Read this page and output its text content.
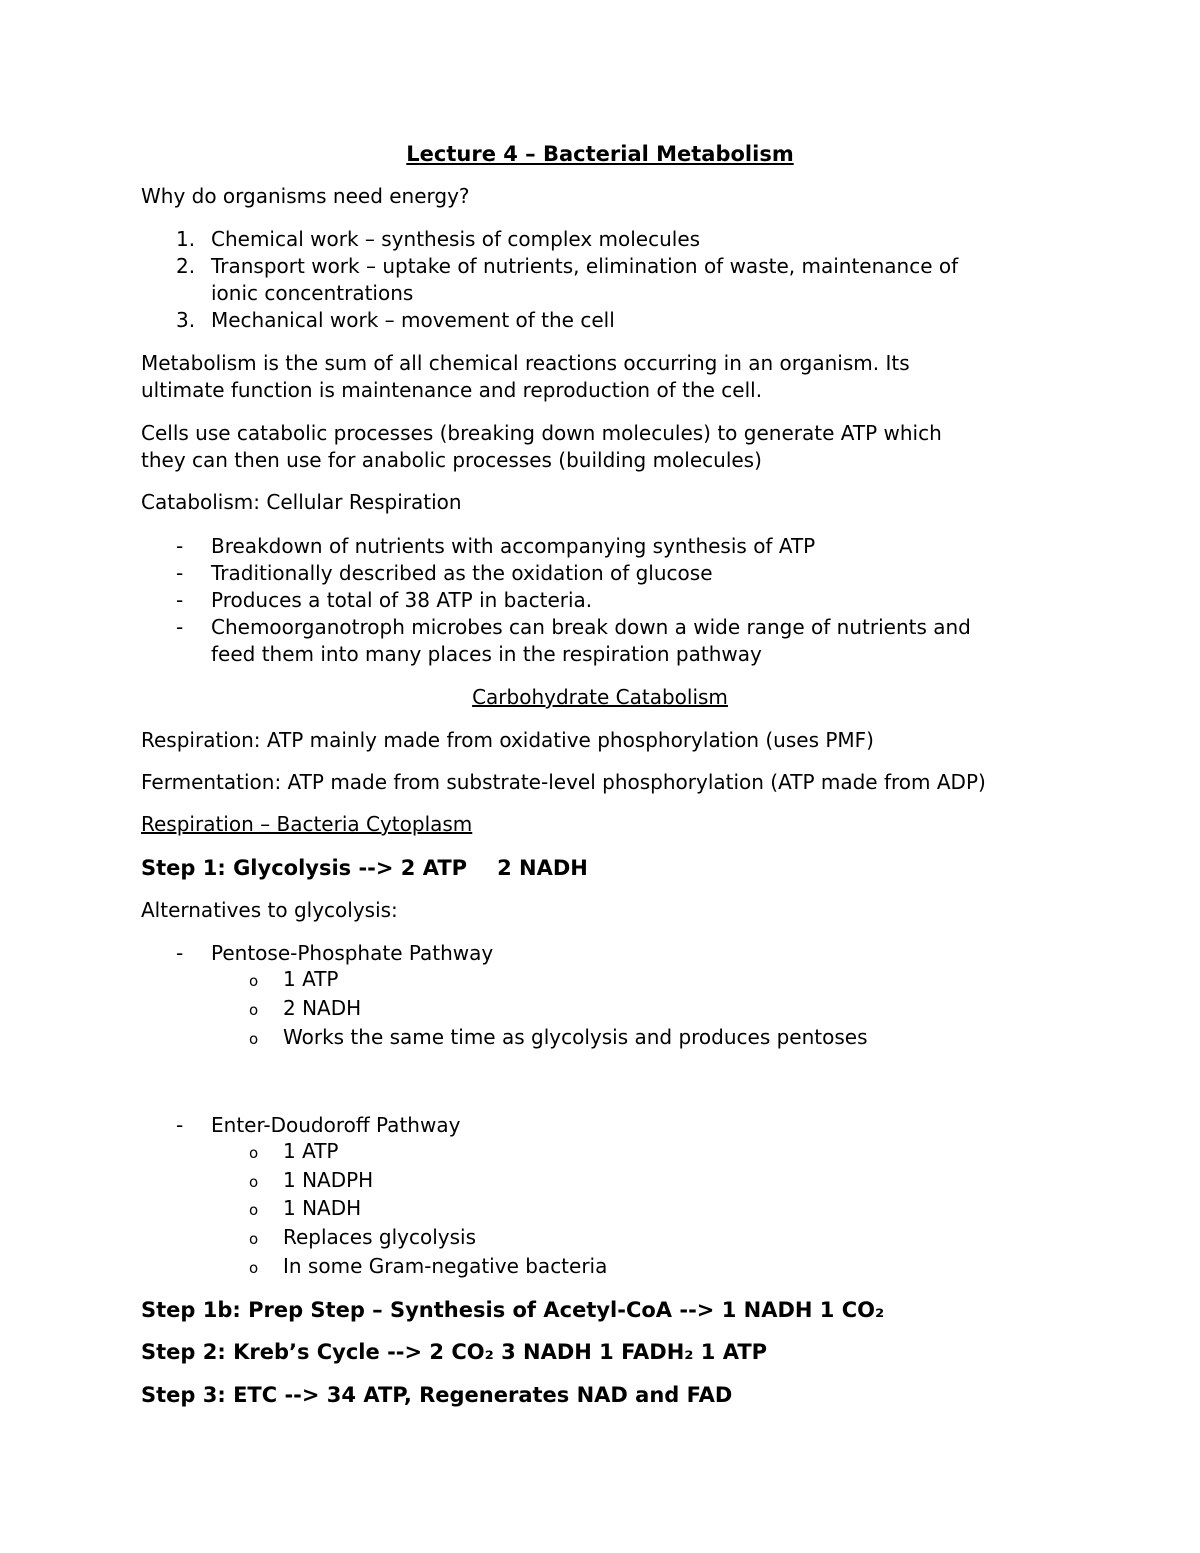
Lecture 4 – Bacterial Metabolism

Why do organisms need energy?

1. Chemical work – synthesis of complex molecules
2. Transport work – uptake of nutrients, elimination of waste, maintenance of
ionic concentrations
3. Mechanical work – movement of the cell

Metabolism is the sum of all chemical reactions occurring in an organism. Its

ultimate function is maintenance and reproduction of the cell.

Cells use catabolic processes (breaking down molecules) to generate ATP which

they can then use for anabolic processes (building molecules)

Catabolism: Cellular Respiration

- Breakdown of nutrients with accompanying synthesis of ATP
- Traditionally described as the oxidation of glucose
- Produces a total of 38 ATP in bacteria.
- Chemoorganotroph microbes can break down a wide range of nutrients and
feed them into many places in the respiration pathway

Carbohydrate Catabolism

Respiration: ATP mainly made from oxidative phosphorylation (uses PMF)

Fermentation: ATP made from substrate-level phosphorylation (ATP made from ADP)

Respiration – Bacteria Cytoplasm

Step 1: Glycolysis --> 2 ATP 2 NADH

Alternatives to glycolysis:

- Pentose-Phosphate Pathway
o 1 ATP
o 2 NADH
o Works the same time as glycolysis and produces pentoses
- Enter-Doudoroff Pathway
o 1 ATP
o 1 NADPH
o 1 NADH
o Replaces glycolysis
o In some Gram-negative bacteria

Step 1b: Prep Step – Synthesis of Acetyl-CoA --> 1 NADH 1 CO₂

Step 2: Kreb’s Cycle --> 2 CO₂ 3 NADH 1 FADH₂ 1 ATP

Step 3: ETC --> 34 ATP, Regenerates NAD and FAD
